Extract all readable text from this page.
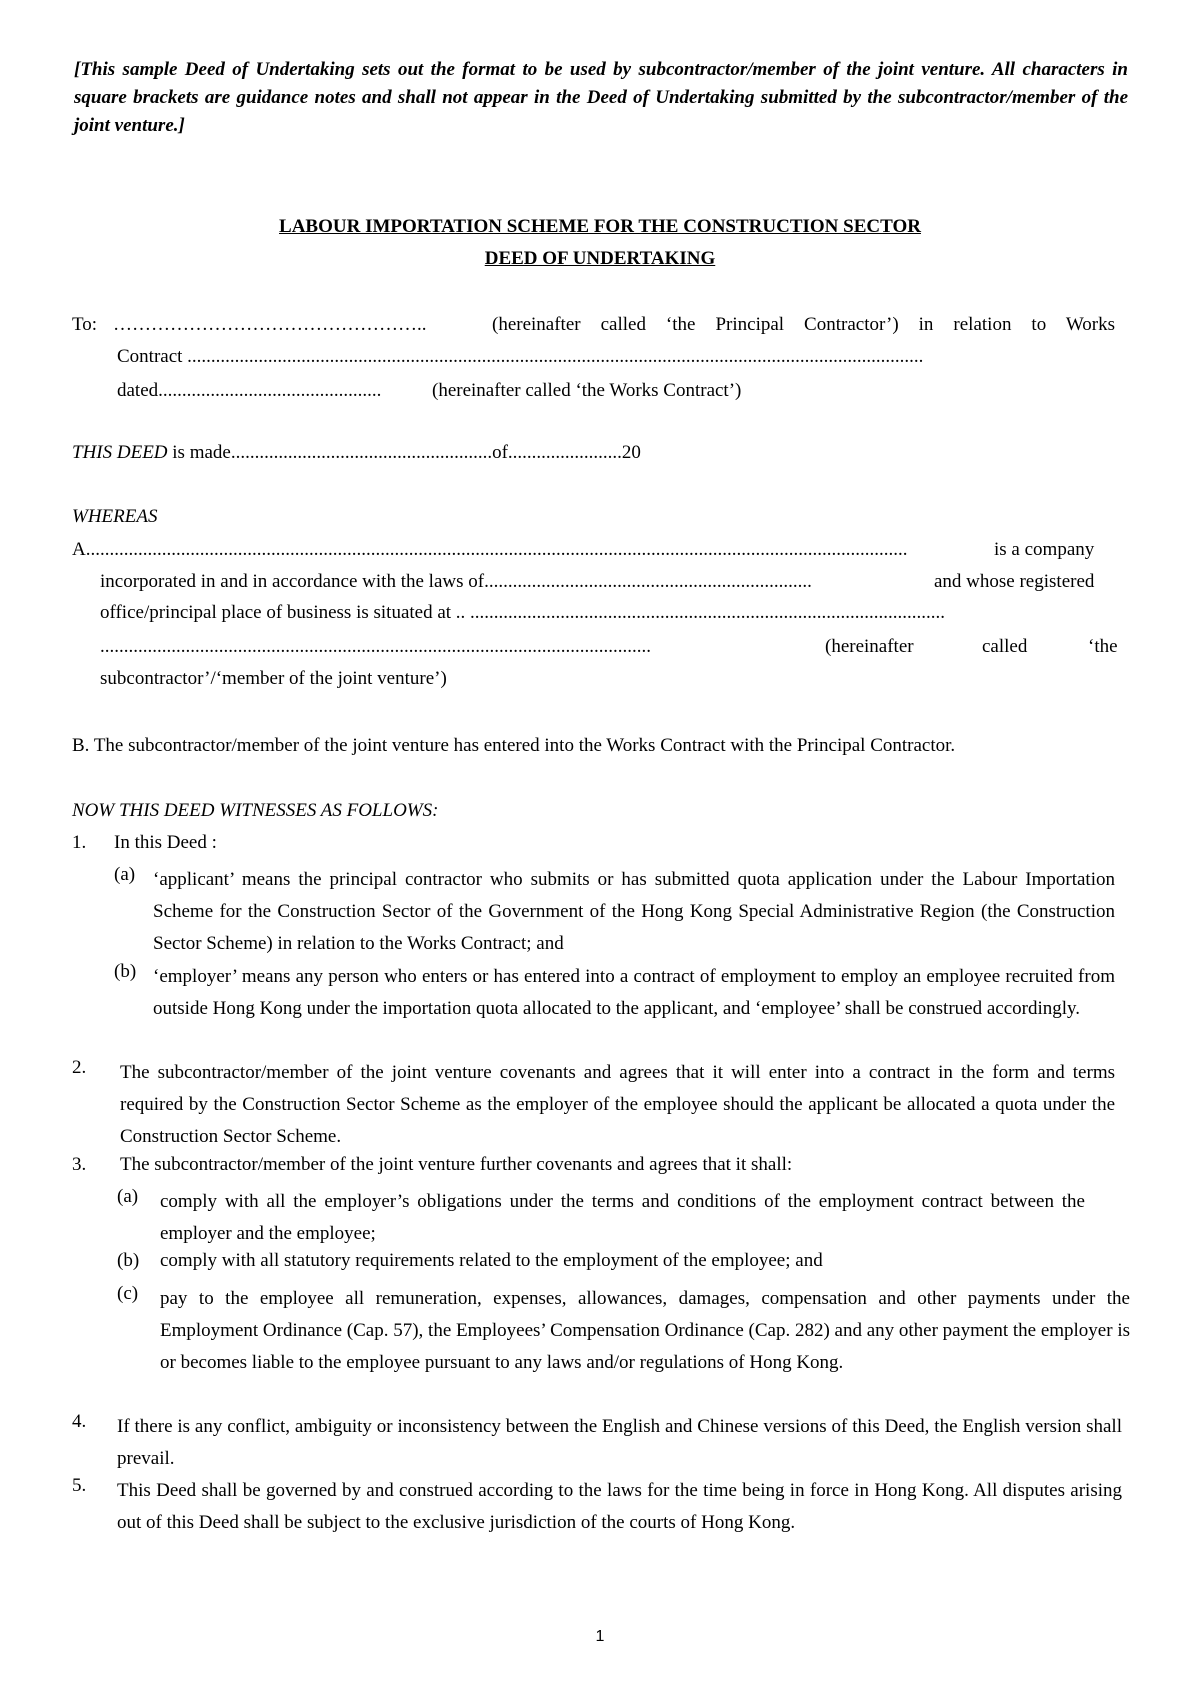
[This sample Deed of Undertaking sets out the format to be used by subcontractor/member of the joint venture. All characters in square brackets are guidance notes and shall not appear in the Deed of Undertaking submitted by the subcontractor/member of the joint venture.]
LABOUR IMPORTATION SCHEME FOR THE CONSTRUCTION SECTOR
DEED OF UNDERTAKING
To: …………………………………………..	(hereinafter called ‘the Principal Contractor’) in relation to Works
Contract ...........................................................................................................................................................
dated...............................................	(hereinafter called ‘the Works Contract’)
THIS DEED is made.......................................................of........................20
WHEREAS
A.............................................................................................................................................................................	is a company
incorporated in and in accordance with the laws of.....................................................................	and whose registered
office/principal place of business is situated at .. ....................................................................................................
....................................................................................................................	(hereinafter	called	‘the
subcontractor’/‘member of the joint venture’)
B. The subcontractor/member of the joint venture has entered into the Works Contract with the Principal Contractor.
NOW THIS DEED WITNESSES AS FOLLOWS:
1. In this Deed :
(a) ‘applicant’ means the principal contractor who submits or has submitted quota application under the Labour Importation Scheme for the Construction Sector of the Government of the Hong Kong Special Administrative Region (the Construction Sector Scheme) in relation to the Works Contract; and
(b) ‘employer’ means any person who enters or has entered into a contract of employment to employ an employee recruited from outside Hong Kong under the importation quota allocated to the applicant, and ‘employee’ shall be construed accordingly.
2. The subcontractor/member of the joint venture covenants and agrees that it will enter into a contract in the form and terms required by the Construction Sector Scheme as the employer of the employee should the applicant be allocated a quota under the Construction Sector Scheme.
3. The subcontractor/member of the joint venture further covenants and agrees that it shall:
(a) comply with all the employer’s obligations under the terms and conditions of the employment contract between the employer and the employee;
(b) comply with all statutory requirements related to the employment of the employee; and
(c) pay to the employee all remuneration, expenses, allowances, damages, compensation and other payments under the Employment Ordinance (Cap. 57), the Employees’ Compensation Ordinance (Cap. 282) and any other payment the employer is or becomes liable to the employee pursuant to any laws and/or regulations of Hong Kong.
4. If there is any conflict, ambiguity or inconsistency between the English and Chinese versions of this Deed, the English version shall prevail.
5. This Deed shall be governed by and construed according to the laws for the time being in force in Hong Kong. All disputes arising out of this Deed shall be subject to the exclusive jurisdiction of the courts of Hong Kong.
1
